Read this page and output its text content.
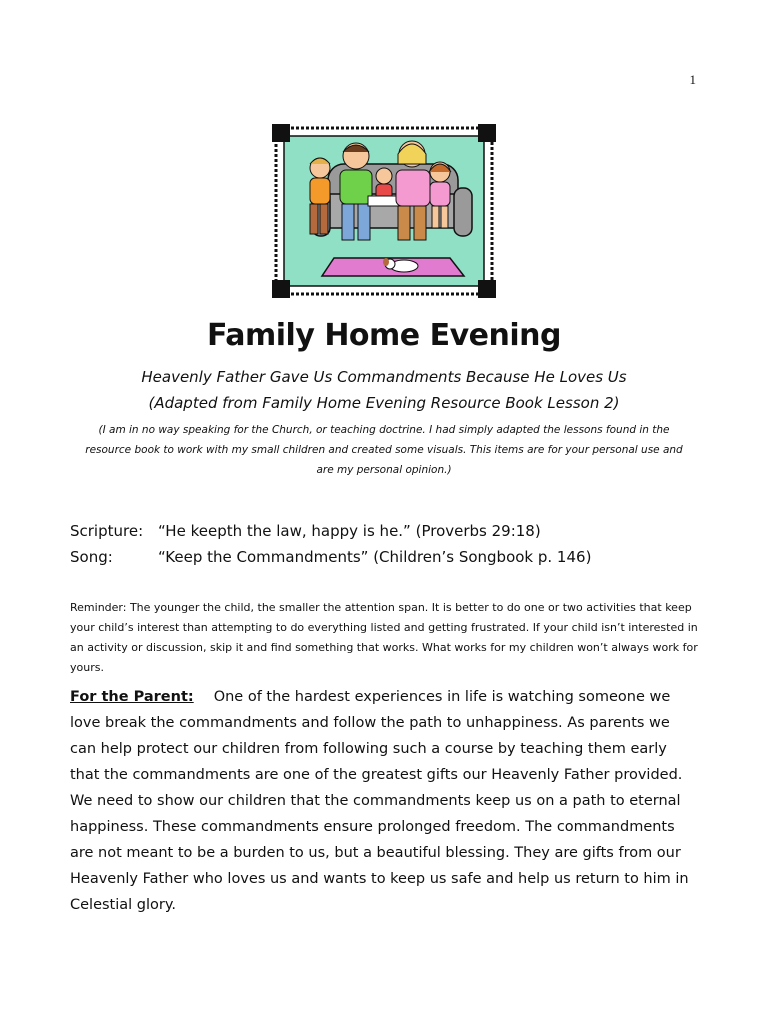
1
Family Home Evening
Heavenly Father Gave Us Commandments Because He Loves Us
(Adapted from Family Home Evening Resource Book Lesson 2)
(I am in no way speaking for the Church, or teaching doctrine. I had simply adapted the lessons found in the resource book to work with my small children and created some visuals. This items are for your personal use and are my personal opinion.)
Scripture: “He keepth the law, happy is he.” (Proverbs 29:18)
Song:	“Keep the Commandments” (Children’s Songbook p. 146)
Reminder: The younger the child, the smaller the attention span. It is better to do one or two activities that keep your child’s interest than attempting to do everything listed and getting frustrated. If your child isn’t interested in an activity or discussion, skip it and find something that works. What works for my children won’t always work for yours.
For the Parent: One of the hardest experiences in life is watching someone we love break the commandments and follow the path to unhappiness. As parents we can help protect our children from following such a course by teaching them early that the commandments are one of the greatest gifts our Heavenly Father provided. We need to show our children that the commandments keep us on a path to eternal happiness. These commandments ensure prolonged freedom. The commandments are not meant to be a burden to us, but a beautiful blessing. They are gifts from our Heavenly Father who loves us and wants to keep us safe and help us return to him in Celestial glory.
